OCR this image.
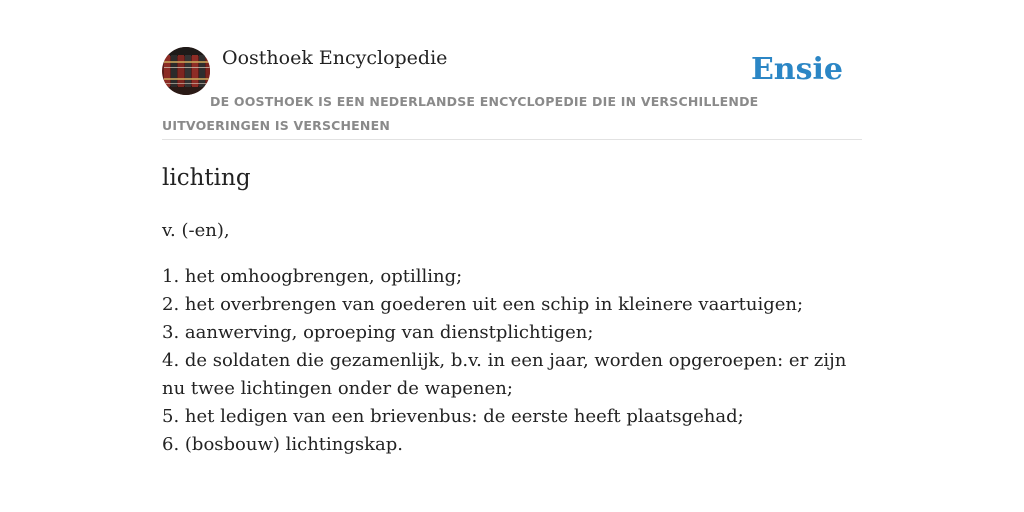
Oosthoek Encyclopedie	Ensie
DE OOSTHOEK IS EEN NEDERLANDSE ENCYCLOPEDIE DIE IN VERSCHILLENDE UITVOERINGEN IS VERSCHENEN
lichting
v. (-en),
1. het omhoogbrengen, optilling;
2. het overbrengen van goederen uit een schip in kleinere vaartuigen;
3. aanwerving, oproeping van dienstplichtigen;
4. de soldaten die gezamenlijk, b.v. in een jaar, worden opgeroepen: er zijn nu twee lichtingen onder de wapenen;
5. het ledigen van een brievenbus: de eerste heeft plaatsgehad;
6. (bosbouw) lichtingskap.
